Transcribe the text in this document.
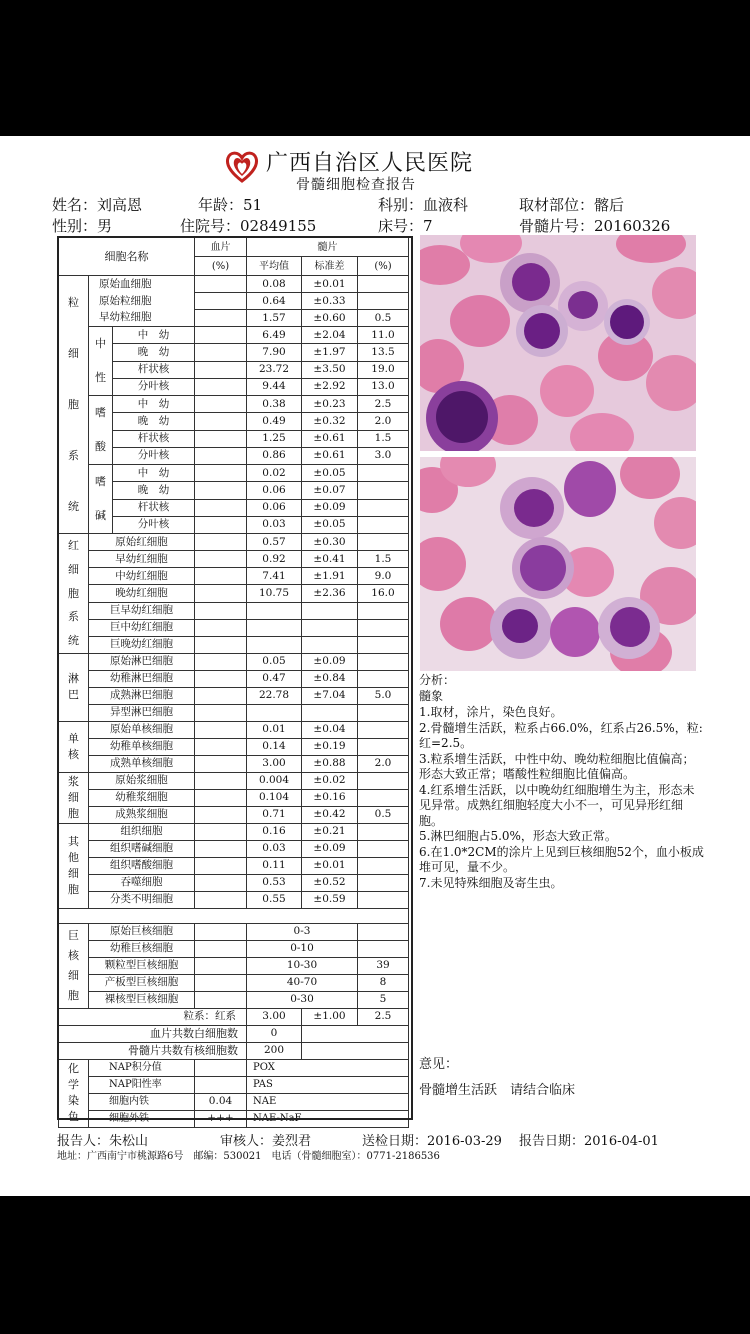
广西自治区人民医院
骨髓细胞检查报告
姓名：刘高恩	年龄：51	科别：血液科	取材部位：髂后
性别：男	住院号：02849155	床号：7	骨髓片号：20160326
细胞名称			血片	髓片		
			(%)	平均值	标准差	(%)
粒
细
胞
系
统	原始血细胞			0.08	±0.01	
	原始粒细胞			0.64	±0.33	
	早幼粒细胞			1.57	±0.60	0.5
	中
性	中　幼		6.49	±2.04	11.0
		晚　幼		7.90	±1.97	13.5
		杆状核		23.72	±3.50	19.0
		分叶核		9.44	±2.92	13.0
	嗜
酸	中　幼		0.38	±0.23	2.5
		晚　幼		0.49	±0.32	2.0
		杆状核		1.25	±0.61	1.5
		分叶核		0.86	±0.61	3.0
	嗜
碱	中　幼		0.02	±0.05	
		晚　幼		0.06	±0.07	
		杆状核		0.06	±0.09	
		分叶核		0.03	±0.05	
红
细
胞
系
统	原始红细胞			0.57	±0.30	
	早幼红细胞			0.92	±0.41	1.5
	中幼红细胞			7.41	±1.91	9.0
	晚幼红细胞			10.75	±2.36	16.0
	巨早幼红细胞					
	巨中幼红细胞					
	巨晚幼红细胞					
淋
巴	原始淋巴细胞			0.05	±0.09	
	幼稚淋巴细胞			0.47	±0.84	
	成熟淋巴细胞			22.78	±7.04	5.0
	异型淋巴细胞					
单
核	原始单核细胞			0.01	±0.04	
	幼稚单核细胞			0.14	±0.19	
	成熟单核细胞			3.00	±0.88	2.0
浆
细
胞	原始浆细胞			0.004	±0.02	
	幼稚浆细胞			0.104	±0.16	
	成熟浆细胞			0.71	±0.42	0.5
其
他
细
胞	组织细胞			0.16	±0.21	
	组织嗜碱细胞			0.03	±0.09	
	组织嗜酸细胞			0.11	±0.01	
	吞噬细胞			0.53	±0.52	
	分类不明细胞			0.55	±0.59	

巨
核
细
胞	原始巨核细胞			0-3		
	幼稚巨核细胞			0-10		
	颗粒型巨核细胞			10-30		39
	产板型巨核细胞			40-70		8
	裸核型巨核细胞			0-30		5
粒系：红系				3.00	±1.00	2.5
血片共数白细胞数				0		
骨髓片共数有核细胞数				200		
化
学
染
色	NAP积分值			POX		
	NAP阳性率			PAS		
	细胞内铁		0.04	NAE		
	细胞外铁		+++	NAE-NaF		
分析：
髓象
1.取材，涂片，染色良好。
2.骨髓增生活跃，粒系占66.0%，红系占26.5%，粒:红=2.5。
3.粒系增生活跃，中性中幼、晚幼粒细胞比值偏高；形态大致正常；嗜酸性粒细胞比值偏高。
4.红系增生活跃，以中晚幼红细胞增生为主，形态未见异常。成熟红细胞轻度大小不一，可见异形红细胞。
5.淋巴细胞占5.0%，形态大致正常。
6.在1.0*2CM的涂片上见到巨核细胞52个，血小板成堆可见，量不少。
7.未见特殊细胞及寄生虫。
意见：
骨髓增生活跃　请结合临床
报告人：朱松山	审核人：姜烈君	送检日期：2016-03-29 报告日期：2016-04-01
地址：广西南宁市桃源路6号　邮编：530021　电话（骨髓细胞室）：0771-2186536
